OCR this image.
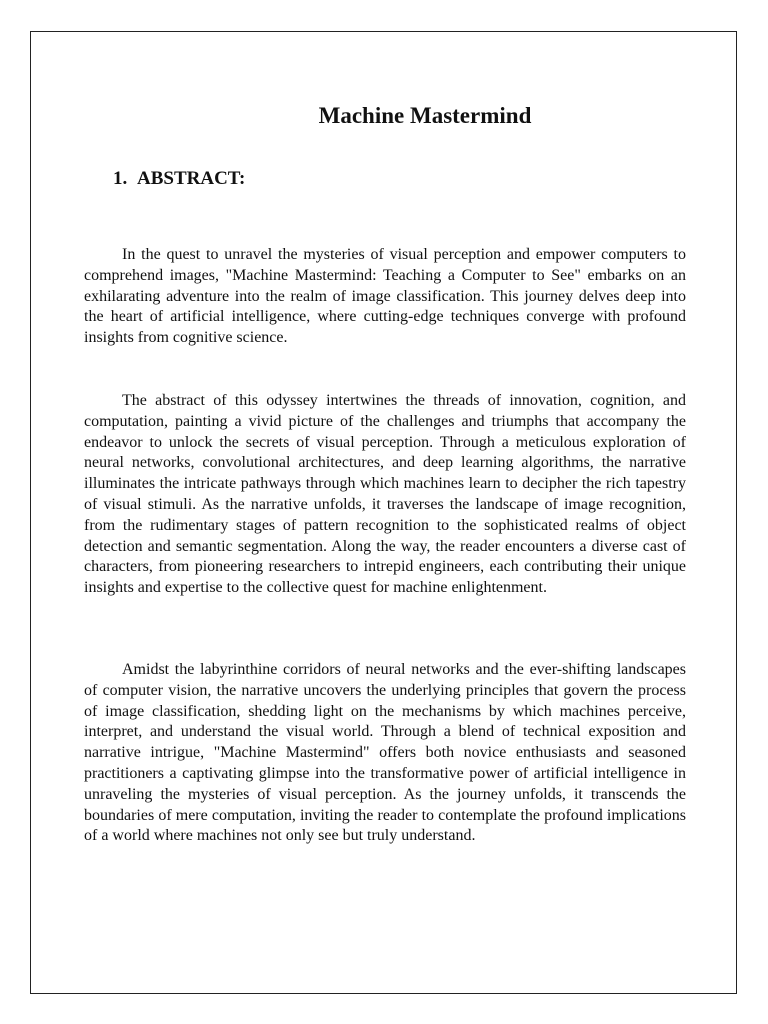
Machine Mastermind
1. ABSTRACT:

In the quest to unravel the mysteries of visual perception and empower computers to comprehend images, "Machine Mastermind: Teaching a Computer to See" embarks on an exhilarating adventure into the realm of image classification. This journey delves deep into the heart of artificial intelligence, where cutting-edge techniques converge with profound insights from cognitive science.

The abstract of this odyssey intertwines the threads of innovation, cognition, and computation, painting a vivid picture of the challenges and triumphs that accompany the endeavor to unlock the secrets of visual perception. Through a meticulous exploration of neural networks, convolutional architectures, and deep learning algorithms, the narrative illuminates the intricate pathways through which machines learn to decipher the rich tapestry of visual stimuli. As the narrative unfolds, it traverses the landscape of image recognition, from the rudimentary stages of pattern recognition to the sophisticated realms of object detection and semantic segmentation. Along the way, the reader encounters a diverse cast of characters, from pioneering researchers to intrepid engineers, each contributing their unique insights and expertise to the collective quest for machine enlightenment.

Amidst the labyrinthine corridors of neural networks and the ever-shifting landscapes of computer vision, the narrative uncovers the underlying principles that govern the process of image classification, shedding light on the mechanisms by which machines perceive, interpret, and understand the visual world. Through a blend of technical exposition and narrative intrigue, "Machine Mastermind" offers both novice enthusiasts and seasoned practitioners a captivating glimpse into the transformative power of artificial intelligence in unraveling the mysteries of visual perception. As the journey unfolds, it transcends the boundaries of mere computation, inviting the reader to contemplate the profound implications of a world where machines not only see but truly understand.
